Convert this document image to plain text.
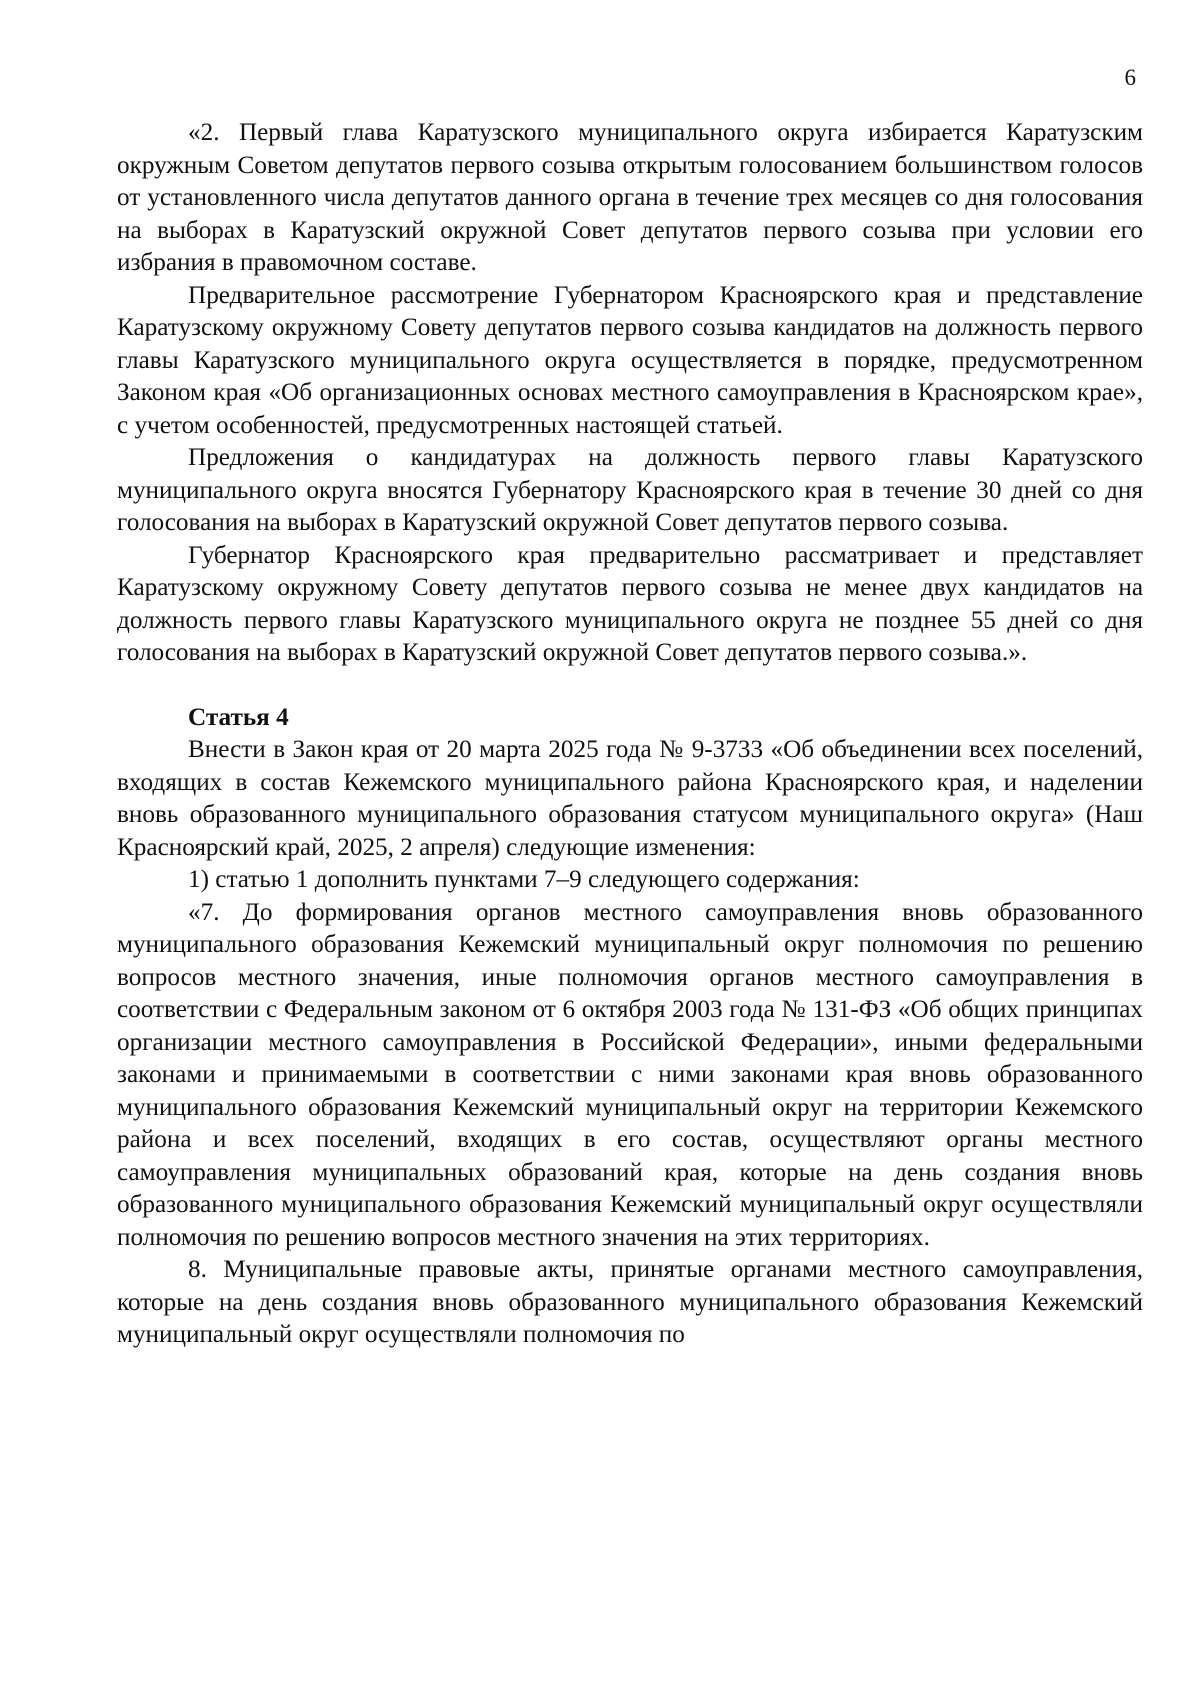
6

«2. Первый глава Каратузского муниципального округа избирается Каратузским окружным Советом депутатов первого созыва открытым голосованием большинством голосов от установленного числа депутатов данного органа в течение трех месяцев со дня голосования на выборах в Каратузский окружной Совет депутатов первого созыва при условии его избрания в правомочном составе.

Предварительное рассмотрение Губернатором Красноярского края и представление Каратузскому окружному Совету депутатов первого созыва кандидатов на должность первого главы Каратузского муниципального округа осуществляется в порядке, предусмотренном Законом края «Об организационных основах местного самоуправления в Красноярском крае», с учетом особенностей, предусмотренных настоящей статьей.

Предложения о кандидатурах на должность первого главы Каратузского муниципального округа вносятся Губернатору Красноярского края в течение 30 дней со дня голосования на выборах в Каратузский окружной Совет депутатов первого созыва.

Губернатор Красноярского края предварительно рассматривает и представляет Каратузскому окружному Совету депутатов первого созыва не менее двух кандидатов на должность первого главы Каратузского муниципального округа не позднее 55 дней со дня голосования на выборах в Каратузский окружной Совет депутатов первого созыва.».

Статья 4

Внести в Закон края от 20 марта 2025 года № 9-3733 «Об объединении всех поселений, входящих в состав Кежемского муниципального района Красноярского края, и наделении вновь образованного муниципального образования статусом муниципального округа» (Наш Красноярский край, 2025, 2 апреля) следующие изменения:

1) статью 1 дополнить пунктами 7–9 следующего содержания:

«7. До формирования органов местного самоуправления вновь образованного муниципального образования Кежемский муниципальный округ полномочия по решению вопросов местного значения, иные полномочия органов местного самоуправления в соответствии с Федеральным законом от 6 октября 2003 года № 131-ФЗ «Об общих принципах организации местного самоуправления в Российской Федерации», иными федеральными законами и принимаемыми в соответствии с ними законами края вновь образованного муниципального образования Кежемский муниципальный округ на территории Кежемского района и всех поселений, входящих в его состав, осуществляют органы местного самоуправления муниципальных образований края, которые на день создания вновь образованного муниципального образования Кежемский муниципальный округ осуществляли полномочия по решению вопросов местного значения на этих территориях.

8. Муниципальные правовые акты, принятые органами местного самоуправления, которые на день создания вновь образованного муниципального образования Кежемский муниципальный округ осуществляли полномочия по
